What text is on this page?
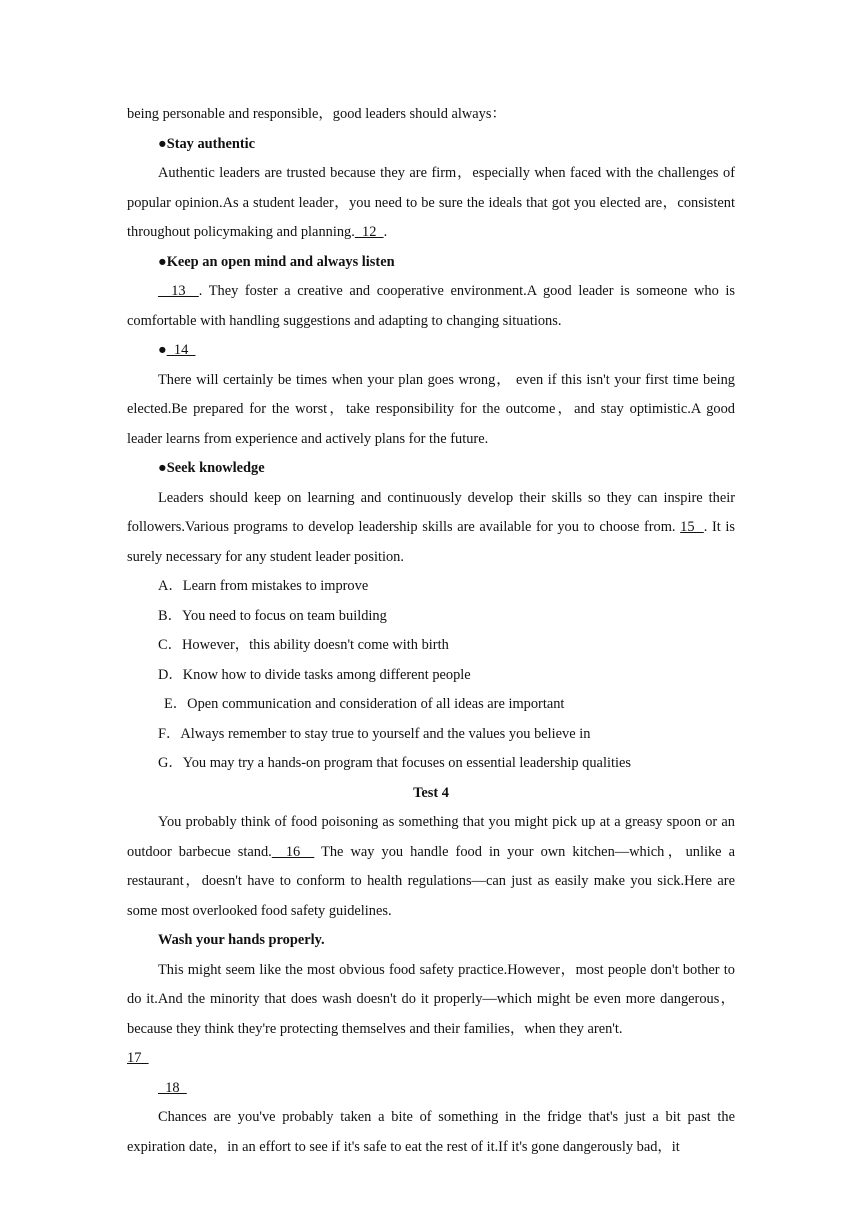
being personable and responsible，good leaders should always：

●Stay authentic

Authentic leaders are trusted because they are firm，especially when faced with the challenges of popular opinion.As a student leader，you need to be sure the ideals that got you elected are，consistent throughout policymaking and planning.  12  .

●Keep an open mind and always listen

13  . They foster a creative and cooperative environment.A good leader is someone who is comfortable with handling suggestions and adapting to changing situations.

●  14

There will certainly be times when your plan goes wrong， even if this isn't your first time being elected.Be prepared for the worst，take responsibility for the outcome，and stay optimistic.A good leader learns from experience and actively plans for the future.

●Seek knowledge

Leaders should keep on learning and continuously develop their skills so they can inspire their followers.Various programs to develop leadership skills are available for you to choose from. 15  . It is surely necessary for any student leader position.

A．Learn from mistakes to improve

B．You need to focus on team building

C．However，this ability doesn't come with birth

D．Know how to divide tasks among different people

E．Open communication and consideration of all ideas are important

F．Always remember to stay true to yourself and the values you believe in

G．You may try a hands‑on program that focuses on essential leadership qualities

Test 4

You probably think of food poisoning as something that you might pick up at a greasy spoon or an outdoor barbecue stand.  16   The way you handle food in your own kitchen—which，unlike a restaurant，doesn't have to conform to health regulations—can just as easily make you sick.Here are some most overlooked food safety guidelines.

Wash your hands properly.

This might seem like the most obvious food safety practice.However，most people don't bother to do it.And the minority that does wash doesn't do it properly—which might be even more dangerous，because they think they're protecting themselves and their families，when they aren't.

17

18

Chances are you've probably taken a bite of something in the fridge that's just a bit past the expiration date，in an effort to see if it's safe to eat the rest of it.If it's gone dangerously bad，it
